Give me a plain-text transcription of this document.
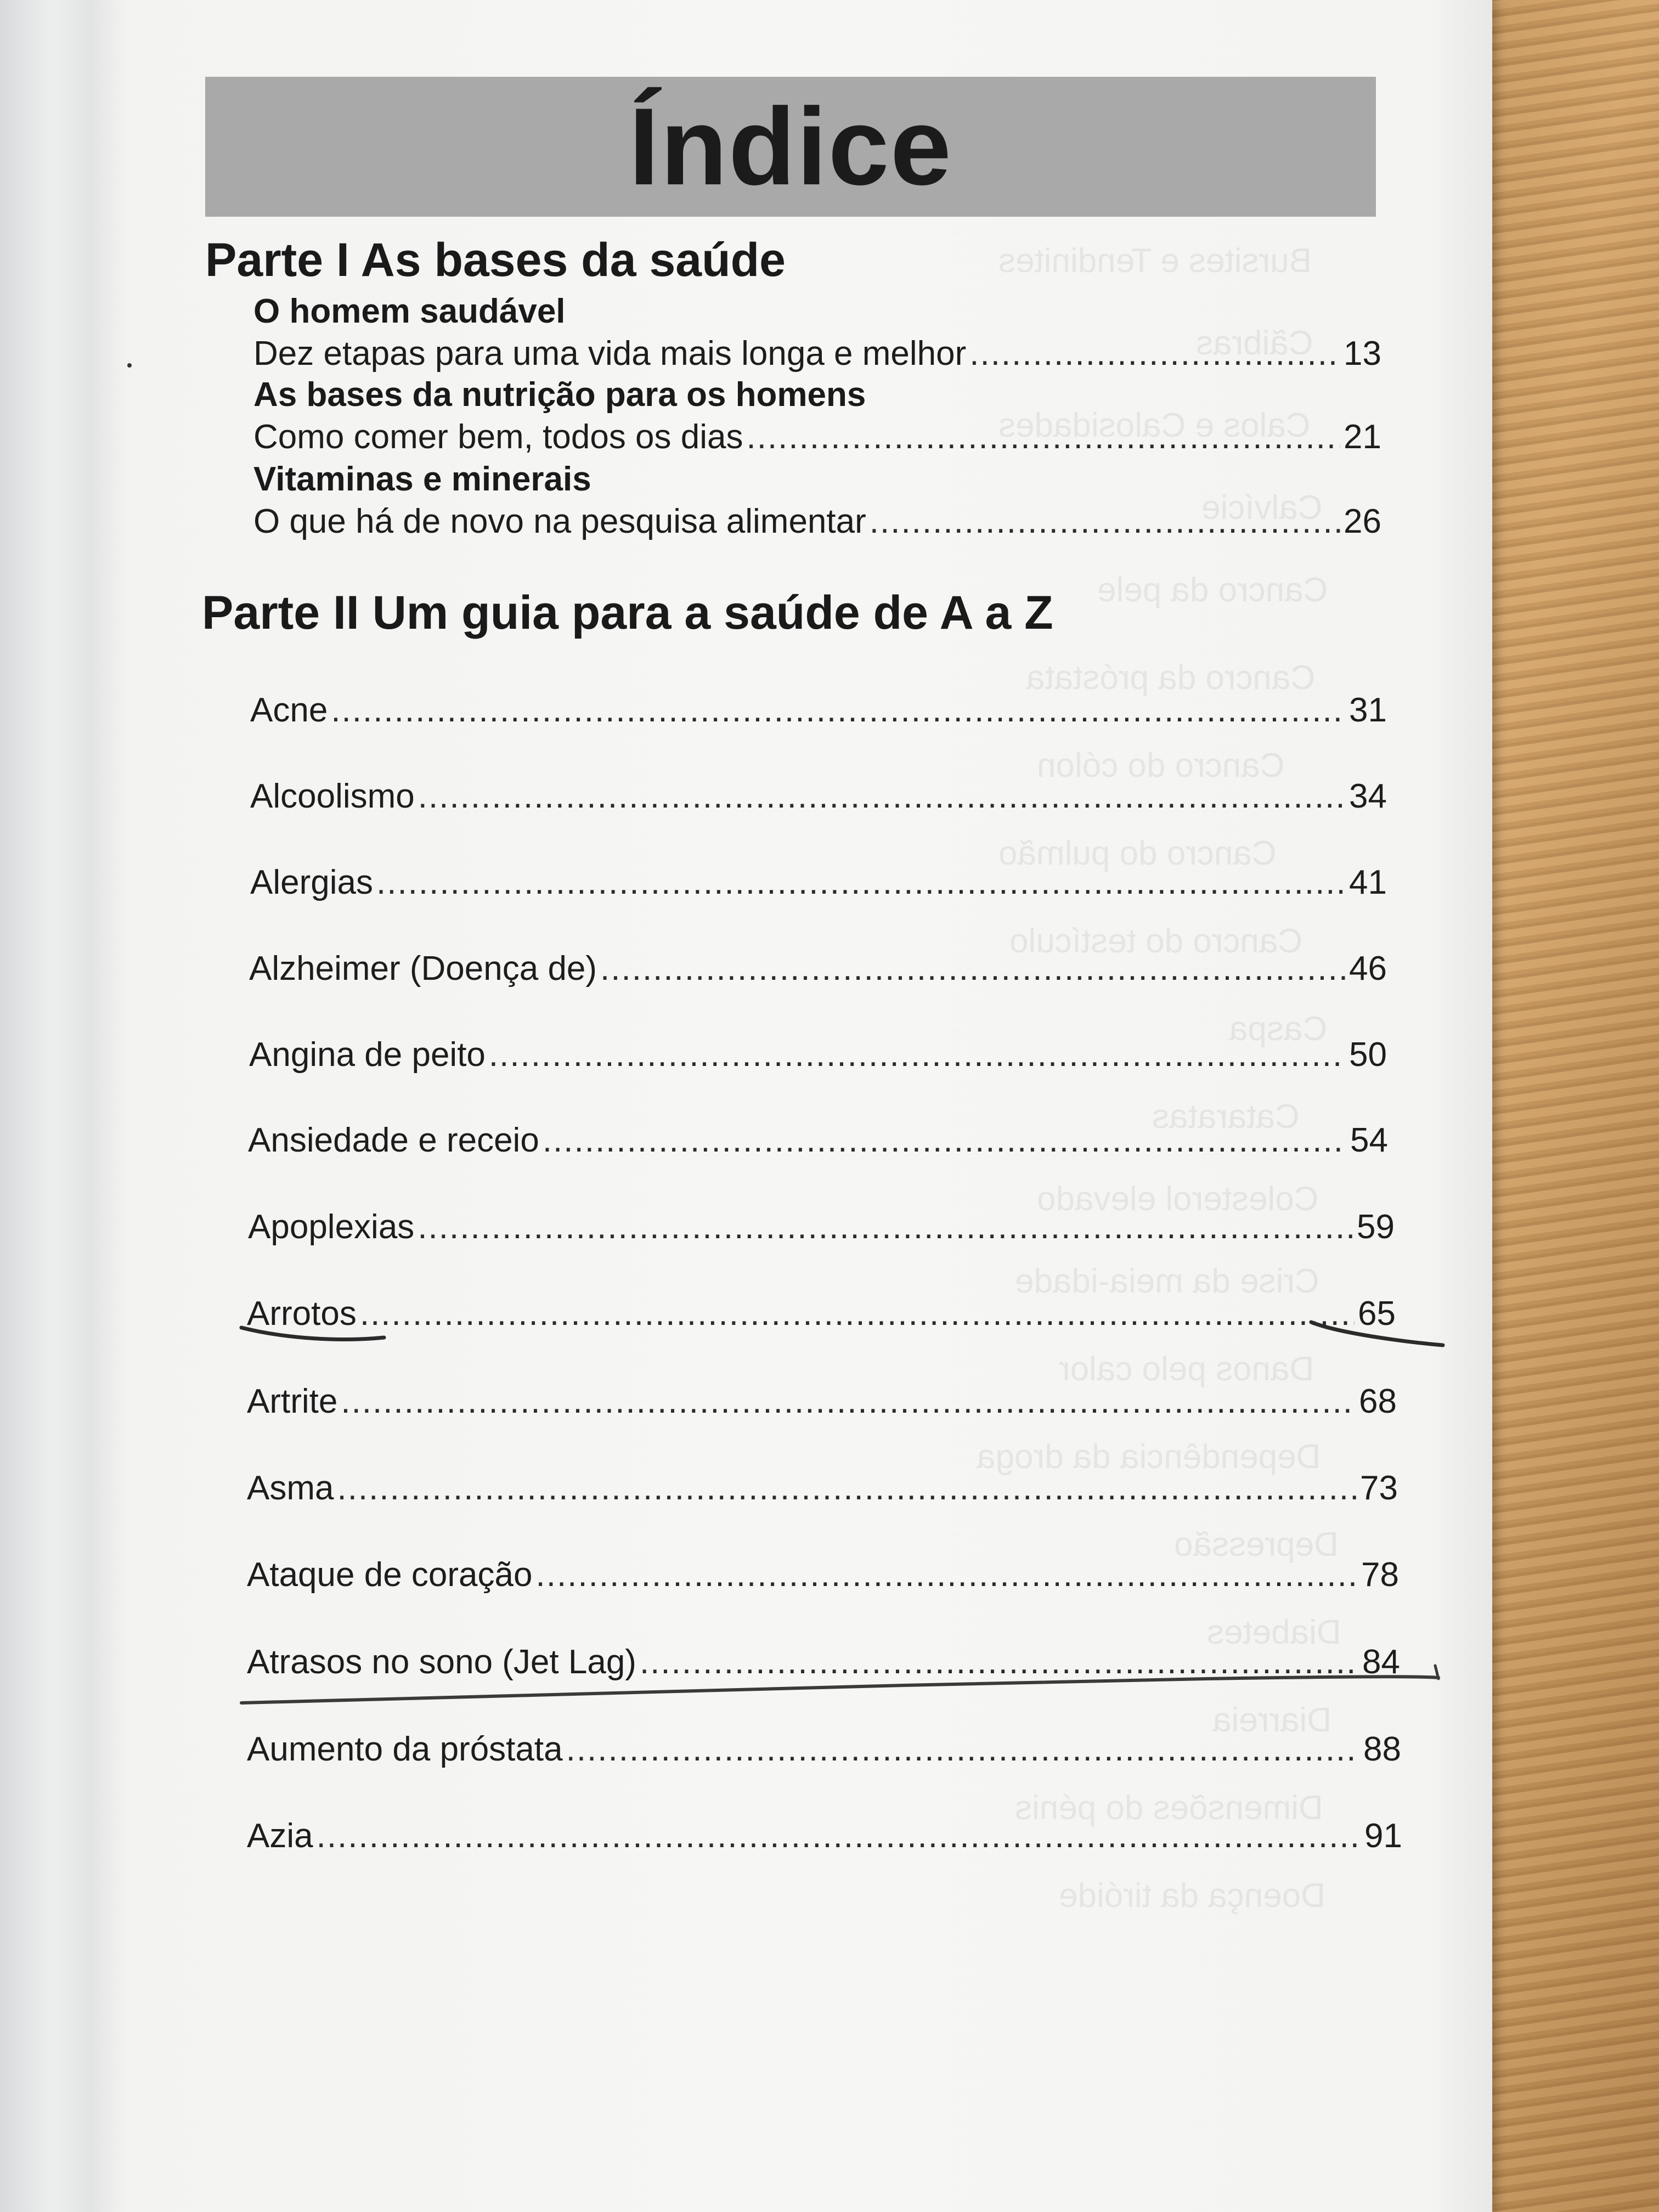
Bursites e Tendinites
Cãibras
Calos e Calosidades
Calvície
Cancro da pele
Cancro da próstata
Cancro do cólon
Cancro do pulmão
Cancro do testículo
Caspa
Cataratas
Colesterol elevado
Crise da meia-idade
Danos pelo calor
Dependência da droga
Depressão
Diabetes
Diarreia
Dimensões do pénis
Doença da tiróide
Índice
Parte I As bases da saúde
O homem saudável
Dez etapas para uma vida mais longa e melhor .....	13
As bases da nutrição para os homens
Como comer bem, todos os dias .....	21
Vitaminas e minerais
O que há de novo na pesquisa alimentar .....	26
Parte II Um guia para a saúde de A a Z
Acne .....	31
Alcoolismo .....	34
Alergias .....	41
Alzheimer (Doença de) .....	46
Angina de peito .....	50
Ansiedade e receio .....	54
Apoplexias .....	59
Arrotos .....	65
Artrite .....	68
Asma .....	73
Ataque de coração .....	78
Atrasos no sono (Jet Lag) .....	84
Aumento da próstata .....	88
Azia .....	91
